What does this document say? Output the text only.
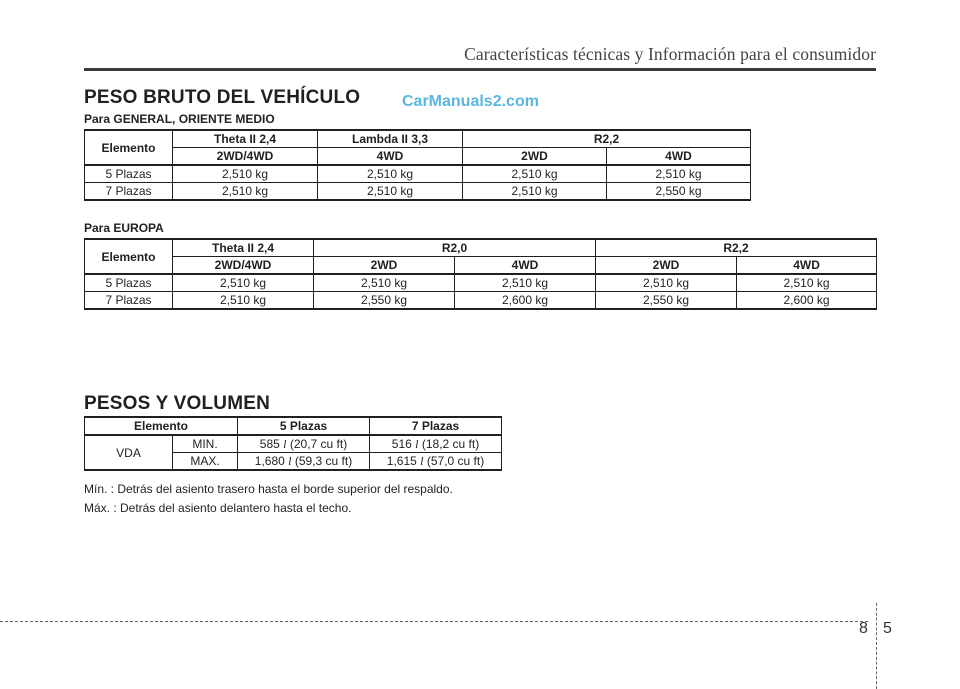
Características técnicas y Información para el consumidor
PESO BRUTO DEL VEHÍCULO	CarManuals2.com
Para GENERAL, ORIENTE MEDIO
Elemento	Theta II 2,4	Lambda II 3,3	R2,2	
	2WD/4WD	4WD	2WD	4WD
5 Plazas	2,510 kg	2,510 kg	2,510 kg	2,510 kg
7 Plazas	2,510 kg	2,510 kg	2,510 kg	2,550 kg
Para EUROPA
Elemento	Theta II 2,4	R2,0		R2,2	
	2WD/4WD	2WD	4WD	2WD	4WD
5 Plazas	2,510 kg	2,510 kg	2,510 kg	2,510 kg	2,510 kg
7 Plazas	2,510 kg	2,550 kg	2,600 kg	2,550 kg	2,600 kg
PESOS Y VOLUMEN
Elemento		5 Plazas	7 Plazas
VDA	MIN.	585 l (20,7 cu ft)	516 l (18,2 cu ft)
	MAX.	1,680 l (59,3 cu ft)	1,615 l (57,0 cu ft)
Mín. : Detrás del asiento trasero hasta el borde superior del respaldo.
Máx. : Detrás del asiento delantero hasta el techo.
8 5
